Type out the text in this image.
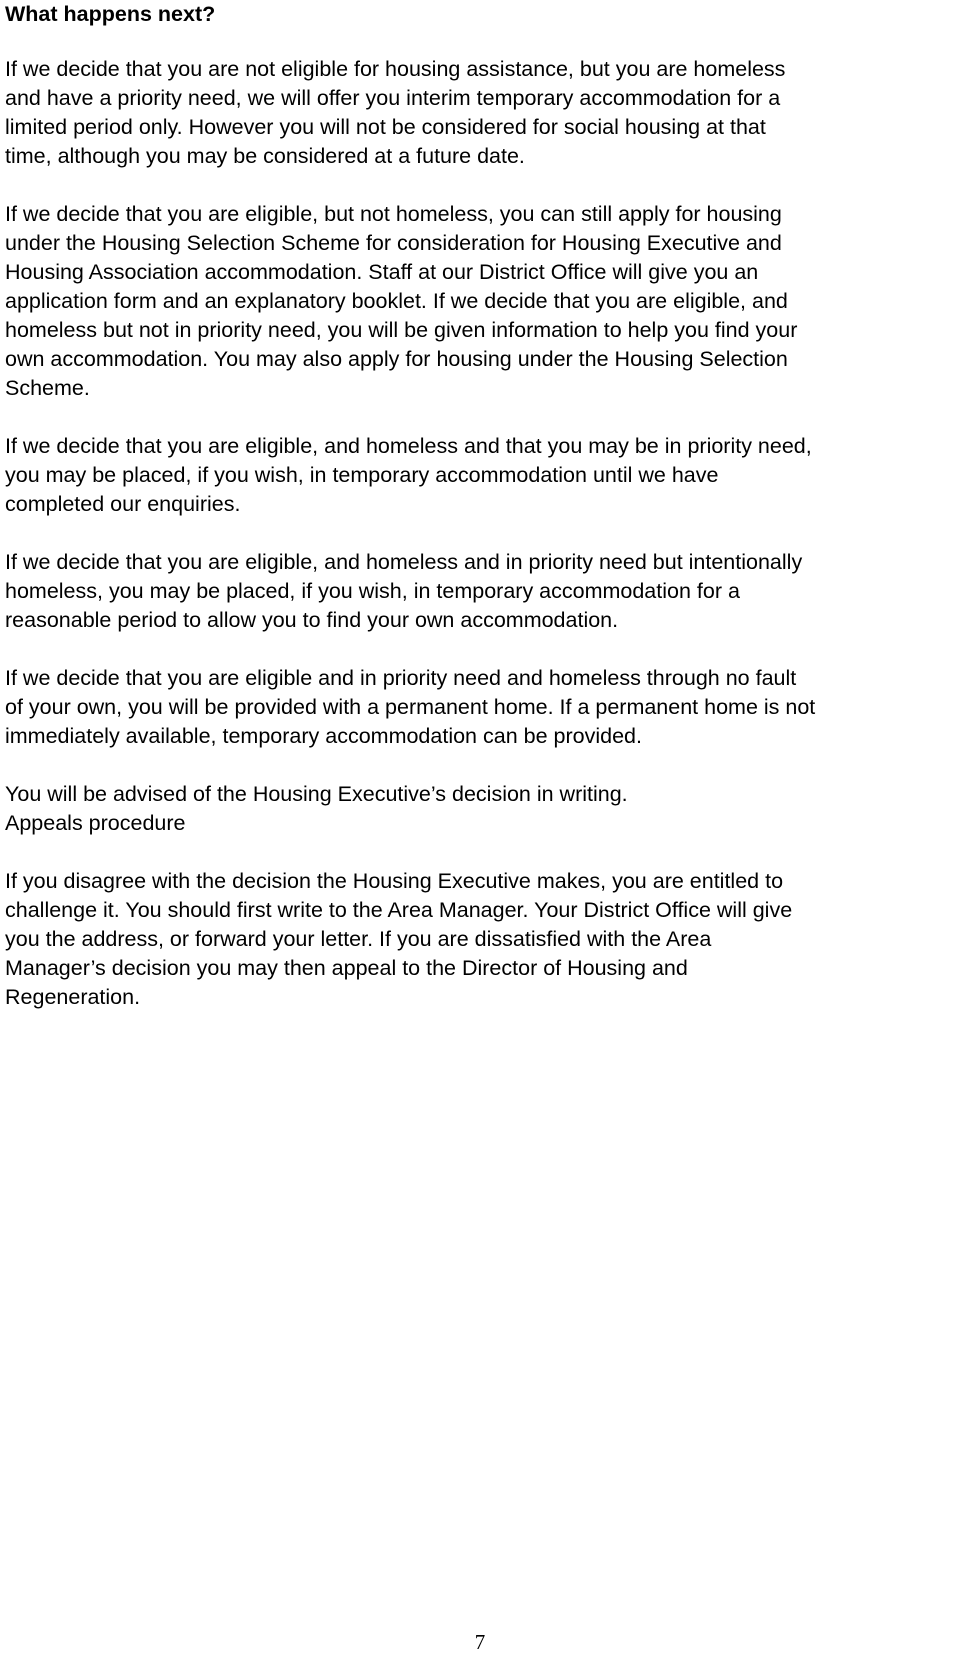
What happens next?

If we decide that you are not eligible for housing assistance, but you are homeless
and have a priority need, we will offer you interim temporary accommodation for a
limited period only. However you will not be considered for social housing at that
time, although you may be considered at a future date.

If we decide that you are eligible, but not homeless, you can still apply for housing
under the Housing Selection Scheme for consideration for Housing Executive and
Housing Association accommodation. Staff at our District Office will give you an
application form and an explanatory booklet. If we decide that you are eligible, and
homeless but not in priority need, you will be given information to help you find your
own accommodation. You may also apply for housing under the Housing Selection
Scheme.

If we decide that you are eligible, and homeless and that you may be in priority need,
you may be placed, if you wish, in temporary accommodation until we have
completed our enquiries.

If we decide that you are eligible, and homeless and in priority need but intentionally
homeless, you may be placed, if you wish, in temporary accommodation for a
reasonable period to allow you to find your own accommodation.

If we decide that you are eligible and in priority need and homeless through no fault
of your own, you will be provided with a permanent home. If a permanent home is not
immediately available, temporary accommodation can be provided.

You will be advised of the Housing Executive’s decision in writing.

Appeals procedure

If you disagree with the decision the Housing Executive makes, you are entitled to
challenge it. You should first write to the Area Manager. Your District Office will give
you the address, or forward your letter. If you are dissatisfied with the Area
Manager’s decision you may then appeal to the Director of Housing and
Regeneration.

7
